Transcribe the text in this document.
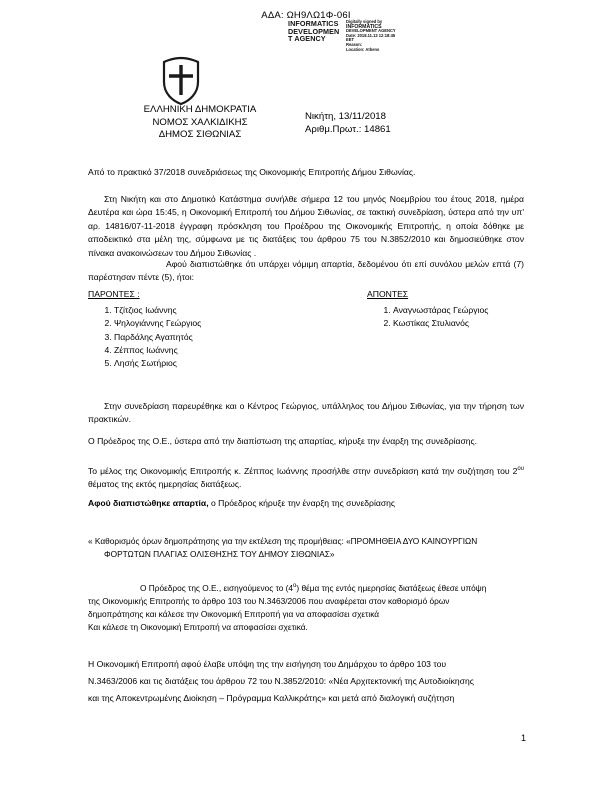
ΑΔΑ: ΩΗ9ΛΩ1Φ-06Ι
INFORMATICS
DEVELOPMEN
T AGENCY
Digitally signed by
INFORMATICS
DEVELOPMENT AGENCY
Date: 2018.11.13 12:18:45
EET
Reason:
Location: Athens
ΕΛΛΗΝΙΚΗ ΔΗΜΟΚΡΑΤΙΑ
ΝΟΜΟΣ ΧΑΛΚΙΔΙΚΗΣ
ΔΗΜΟΣ ΣΙΘΩΝΙΑΣ
Νικήτη, 13/11/2018
Αριθμ.Πρωτ.: 14861
Από το πρακτικό 37/2018 συνεδριάσεως της Οικονομικής Επιτροπής Δήμου Σιθωνίας.
Στη Νικήτη και στο Δημοτικό Κατάστημα συνήλθε σήμερα 12 του μηνός Νοεμβρίου του έτους 2018, ημέρα Δευτέρα και ώρα 15:45, η Οικονομική Επιτροπή του Δήμου Σιθωνίας, σε τακτική συνεδρίαση, ύστερα από την υπ' αρ. 14816/07-11-2018 έγγραφη πρόσκληση του Προέδρου της Οικονομικής Επιτροπής, η οποία δόθηκε με αποδεικτικό στα μέλη της, σύμφωνα με τις διατάξεις του άρθρου 75 του Ν.3852/2010 και δημοσιεύθηκε στον πίνακα ανακοινώσεων του Δήμου Σιθωνίας .
Αφού διαπιστώθηκε ότι υπάρχει νόμιμη απαρτία, δεδομένου ότι επί συνόλου μελών επτά (7) παρέστησαν πέντε (5), ήτοι:
ΠΑΡΟΝΤΕΣ :
1. Τζίτζιος Ιωάννης
2. Ψηλογιάννης Γεώργιος
3. Παρδάλης Αγαπητός
4. Ζέππος Ιωάννης
5. Λησής Σωτήριος
ΑΠΟΝΤΕΣ
1. Αναγνωστάρας Γεώργιος
2. Κωστίκας Στυλιανός
Στην συνεδρίαση παρευρέθηκε και ο Κέντρος Γεώργιος, υπάλληλος του Δήμου Σιθωνίας, για την τήρηση των πρακτικών.
Ο Πρόεδρος της Ο.Ε., ύστερα από την διαπίστωση της απαρτίας, κήρυξε την έναρξη της συνεδρίασης.
Το μέλος της Οικονομικής Επιτροπής κ. Ζέππος Ιωάννης προσήλθε στην συνεδρίαση κατά την συζήτηση του $2^{o\upsilon}$ θέματος της εκτός ημερησίας διατάξεως.
Αφού διαπιστώθηκε απαρτία, ο Πρόεδρος κήρυξε την έναρξη της συνεδρίασης
« Καθορισμός όρων δημοπράτησης για την εκτέλεση της προμήθειας: «ΠΡΟΜΗΘΕΙΑ ΔΥΟ ΚΑΙΝΟΥΡΓΙΩΝ
ΦΟΡΤΩΤΩΝ ΠΛΑΓΙΑΣ ΟΛΙΣΘΗΣΗΣ ΤΟΥ ΔΗΜΟΥ ΣΙΘΩΝΙΑΣ»
Ο Πρόεδρος της Ο.Ε., εισηγούμενος το $(4^o)$ θέμα της εντός ημερησίας διατάξεως έθεσε υπόψη
της Οικονομικής Επιτροπής το άρθρο 103 του Ν.3463/2006 που αναφέρεται στον καθορισμό όρων
δημοπράτησης και κάλεσε την Οικονομική Επιτροπή για να αποφασίσει σχετικά
Και κάλεσε τη Οικονομική Επιτροπή να αποφασίσει σχετικά.
Η Οικονομική Επιτροπή αφού έλαβε υπόψη της την εισήγηση του Δημάρχου το άρθρο 103 του
Ν.3463/2006 και τις διατάξεις του άρθρου 72 του Ν.3852/2010: «Νέα Αρχιτεκτονική της Αυτοδιοίκησης
και της Αποκεντρωμένης Διοίκηση – Πρόγραμμα Καλλικράτης» και μετά από διαλογική συζήτηση
1
